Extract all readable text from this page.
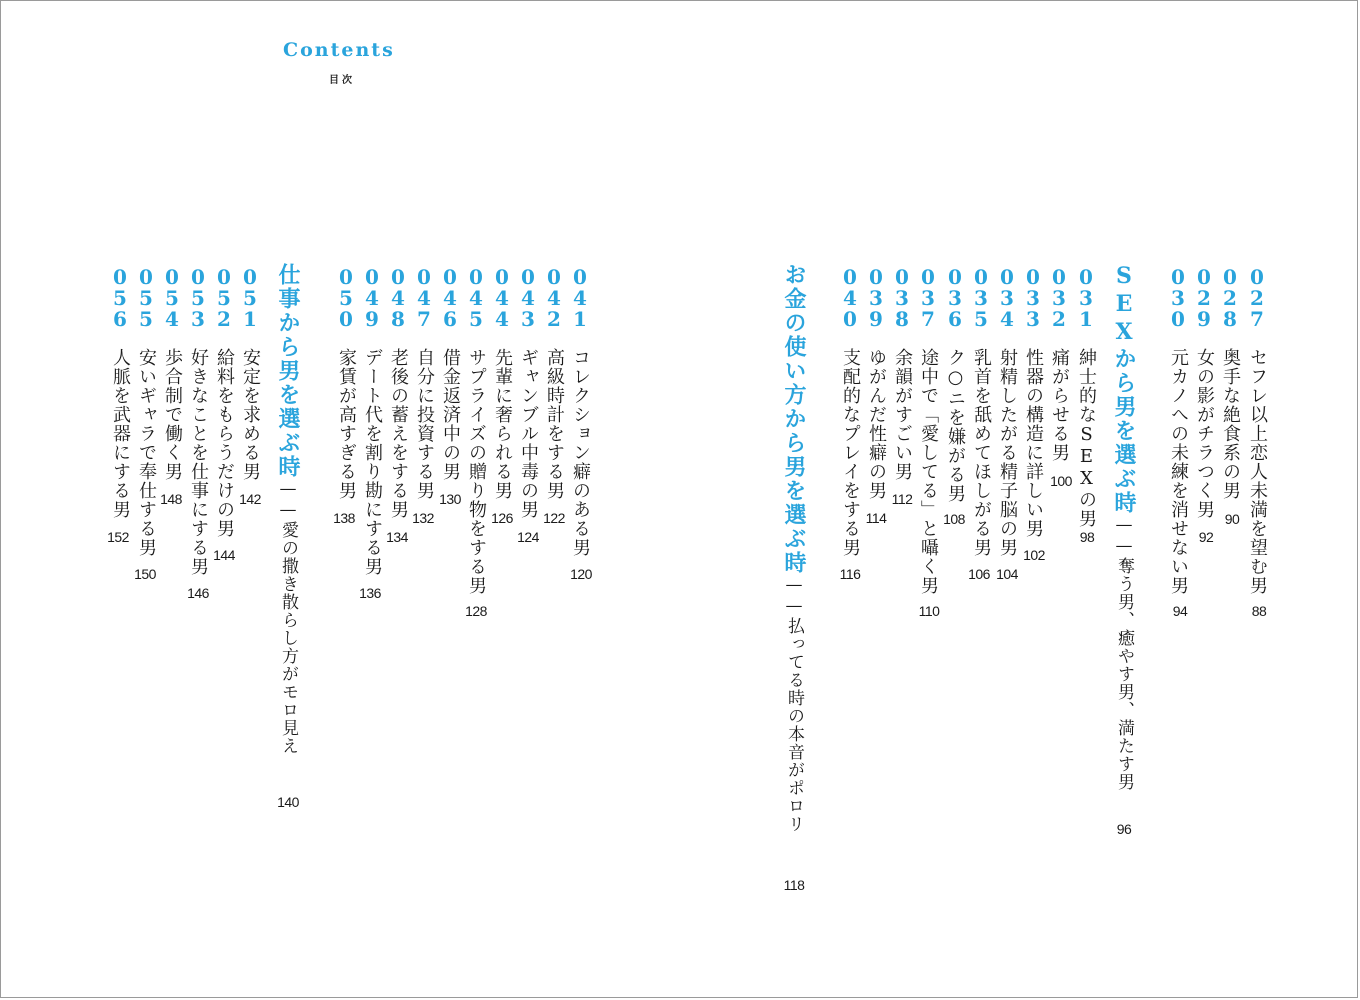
Contents
目次
0
2
7
セフレ以上恋人未満を望む男
88
0
2
8
奥手な絶食系の男
90
0
2
9
女の影がチラつく男
92
0
3
0
元カノへの未練を消せない男
94
SEXから男を選ぶ時——奪う男、癒やす男、満たす男
96
0
3
1
紳士的なSEXの男
98
0
3
2
痛がらせる男
100
0
3
3
性器の構造に詳しい男
102
0
3
4
射精したがる精子脳の男
104
0
3
5
乳首を舐めてほしがる男
106
0
3
6
ク○ニを嫌がる男
108
0
3
7
途中で「愛してる」と囁く男
110
0
3
8
余韻がすごい男
112
0
3
9
ゆがんだ性癖の男
114
0
4
0
支配的なプレイをする男
116
お金の使い方から男を選ぶ時——払ってる時の本音がポロリ
118
0
4
1
コレクション癖のある男
120
0
4
2
高級時計をする男
122
0
4
3
ギャンブル中毒の男
124
0
4
4
先輩に奢られる男
126
0
4
5
サプライズの贈り物をする男
128
0
4
6
借金返済中の男
130
0
4
7
自分に投資する男
132
0
4
8
老後の蓄えをする男
134
0
4
9
デート代を割り勘にする男
136
0
5
0
家賃が高すぎる男
138
仕事から男を選ぶ時——愛の撒き散らし方がモロ見え
140
0
5
1
安定を求める男
142
0
5
2
給料をもらうだけの男
144
0
5
3
好きなことを仕事にする男
146
0
5
4
歩合制で働く男
148
0
5
5
安いギャラで奉仕する男
150
0
5
6
人脈を武器にする男
152
